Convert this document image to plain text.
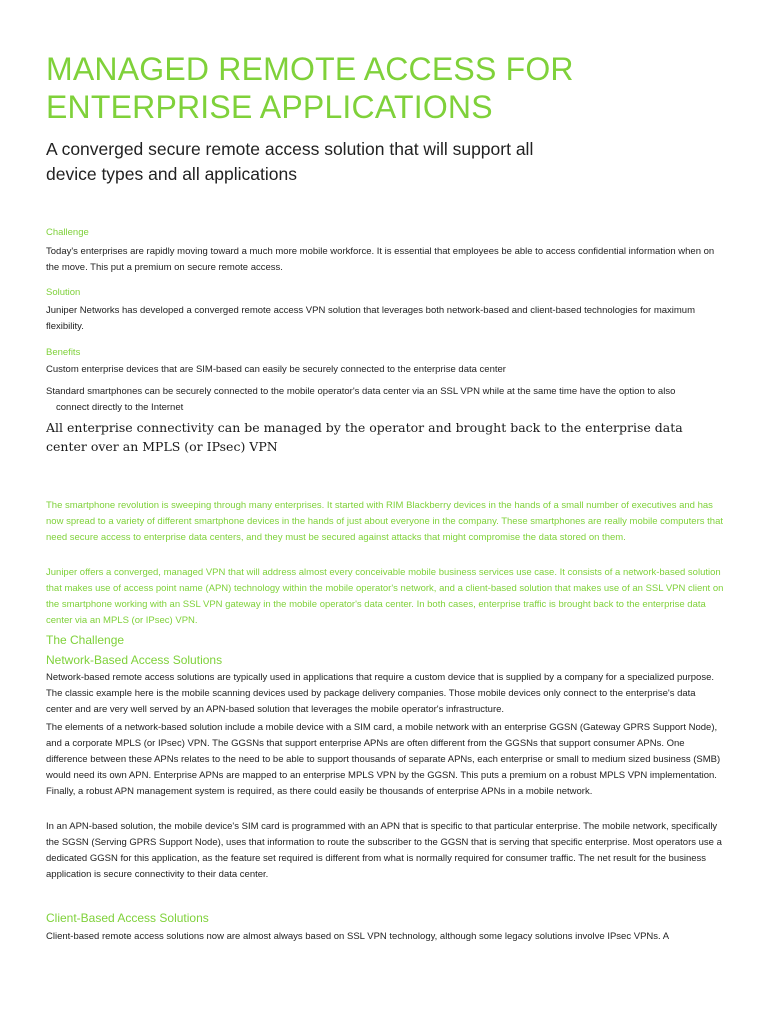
MANAGED REMOTE ACCESS FOR
ENTERPRISE APPLICATIONS

A converged secure remote access solution that will support all
device types and all applications

Challenge

Today's enterprises are rapidly moving toward a much more mobile workforce. It is essential that employees be able to access confidential information when on the move. This put a premium on secure remote access.

Solution

Juniper Networks has developed a converged remote access VPN solution that leverages both network-based and client-based technologies for maximum flexibility.

Benefits

Custom enterprise devices that are SIM-based can easily be securely connected to the enterprise data center

Standard smartphones can be securely connected to the mobile operator's data center via an SSL VPN while at the same time have the option to also
connect directly to the Internet

All enterprise connectivity can be managed by the operator and brought back to the enterprise data center over an MPLS (or IPsec) VPN

The smartphone revolution is sweeping through many enterprises. It started with RIM Blackberry devices in the hands of a small number of executives and has now spread to a variety of different smartphone devices in the hands of just about everyone in the company. These smartphones are really mobile computers that need secure access to enterprise data centers, and they must be secured against attacks that might compromise the data stored on them.

Juniper offers a converged, managed VPN that will address almost every conceivable mobile business services use case. It consists of a network-based solution that makes use of access point name (APN) technology within the mobile operator's network, and a client-based solution that makes use of an SSL VPN client on the smartphone working with an SSL VPN gateway in the mobile operator's data center. In both cases, enterprise traffic is brought back to the enterprise data center via an MPLS (or IPsec) VPN.

The Challenge
Network-Based Access Solutions

Network-based remote access solutions are typically used in applications that require a custom device that is supplied by a company for a specialized purpose. The classic example here is the mobile scanning devices used by package delivery companies. Those mobile devices only connect to the enterprise's data center and are very well served by an APN-based solution that leverages the mobile operator's infrastructure.

The elements of a network-based solution include a mobile device with a SIM card, a mobile network with an enterprise GGSN (Gateway GPRS Support Node), and a corporate MPLS (or IPsec) VPN. The GGSNs that support enterprise APNs are often different from the GGSNs that support consumer APNs. One difference between these APNs relates to the need to be able to support thousands of separate APNs, each enterprise or small to medium sized business (SMB) would need its own APN. Enterprise APNs are mapped to an enterprise MPLS VPN by the GGSN. This puts a premium on a robust MPLS VPN implementation. Finally, a robust APN management system is required, as there could easily be thousands of enterprise APNs in a mobile network.

In an APN-based solution, the mobile device's SIM card is programmed with an APN that is specific to that particular enterprise. The mobile network, specifically the SGSN (Serving GPRS Support Node), uses that information to route the subscriber to the GGSN that is serving that specific enterprise. Most operators use a dedicated GGSN for this application, as the feature set required is different from what is normally required for consumer traffic. The net result for the business application is secure connectivity to their data center.

Client-Based Access Solutions

Client-based remote access solutions now are almost always based on SSL VPN technology, although some legacy solutions involve IPsec VPNs. A
